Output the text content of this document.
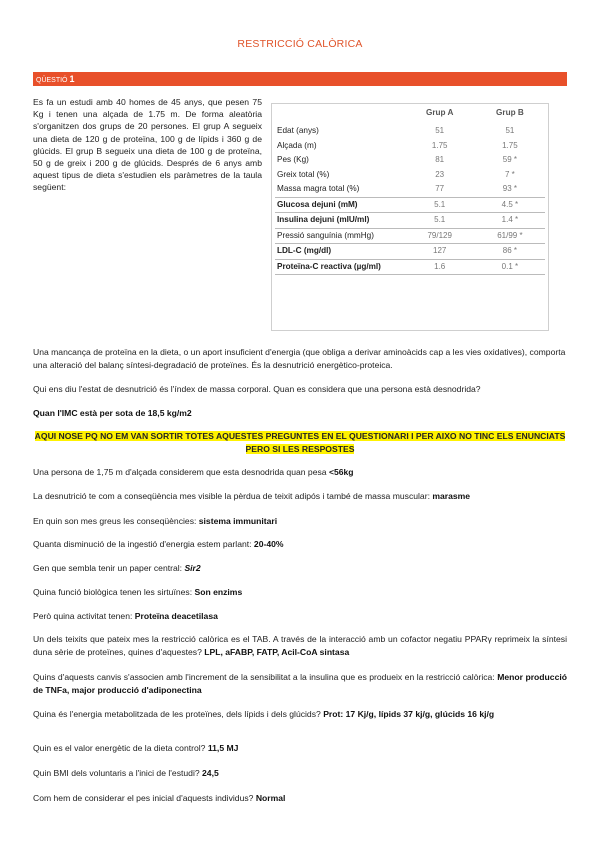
RESTRICCIÓ CALÒRICA
QÜESTIÓ 1
Es fa un estudi amb 40 homes de 45 anys, que pesen 75 Kg i tenen una alçada de 1.75 m. De forma aleatòria s'organitzen dos grups de 20 persones. El grup A segueix una dieta de 120 g de proteïna, 100 g de lípids i 360 g de glúcids. El grup B segueix una dieta de 100 g de proteïna, 50 g de greix i 200 g de glúcids. Després de 6 anys amb aquest tipus de dieta s'estudien els paràmetres de la taula següent:
	Grup A	Grup B
Edat (anys)	51	51
Alçada (m)	1.75	1.75
Pes (Kg)	81	59 *
Greix total (%)	23	7 *
Massa magra total (%)	77	93 *
Glucosa dejuni (mM)	5.1	4.5 *
Insulina dejuni (mIU/ml)	5.1	1.4 *
Pressió sanguínia (mmHg)	79/129	61/99 *
LDL-C (mg/dl)	127	86 *
Proteïna-C reactiva (µg/ml)	1.6	0.1 *
Una mancança de proteïna en la dieta, o un aport insuficient d'energia (que obliga a derivar aminoàcids cap a les vies oxidatives), comporta una alteració del balanç síntesi-degradació de proteïnes. És la desnutrició energètico-proteica.
Qui ens diu l'estat de desnutrició és l'índex de massa corporal. Quan es considera que una persona està desnodrida?
Quan l'IMC està per sota de 18,5 kg/m2
AQUI NOSE PQ NO EM VAN SORTIR TOTES AQUESTES PREGUNTES EN EL QUESTIONARI I PER AIXO NO TINC ELS ENUNCIATS PERO SI LES RESPOSTES
Una persona de 1,75 m d'alçada considerem que esta desnodrida quan pesa <56kg
La desnutrició te com a conseqüència mes visible la pèrdua de teixit adipós i també de massa muscular: marasme
En quin son mes greus les conseqüències: sistema immunitari
Quanta disminució de la ingestió d'energia estem parlant: 20-40%
Gen que sembla tenir un paper central: Sir2
Quina funció biològica tenen les sirtuïnes: Son enzims
Però quina activitat tenen: Proteïna deacetilasa
Un dels teixits que pateix mes la restricció calòrica es el TAB. A través de la interacció amb un cofactor negatiu PPARγ reprimeix la síntesi duna sèrie de proteïnes, quines d'aquestes? LPL, aFABP, FATP, Acil-CoA sintasa
Quins d'aquests canvis s'associen amb l'increment de la sensibilitat a la insulina que es produeix en la restricció calòrica: Menor producció de TNFa, major producció d'adiponectina
Quina és l'energia metabolitzada de les proteïnes, dels lípids i dels glúcids? Prot: 17 Kj/g, lípids 37 kj/g, glúcids 16 kj/g
Quin es el valor energètic de la dieta control? 11,5 MJ
Quin BMI dels voluntaris a l'inici de l'estudi? 24,5
Com hem de considerar el pes inicial d'aquests individus? Normal
